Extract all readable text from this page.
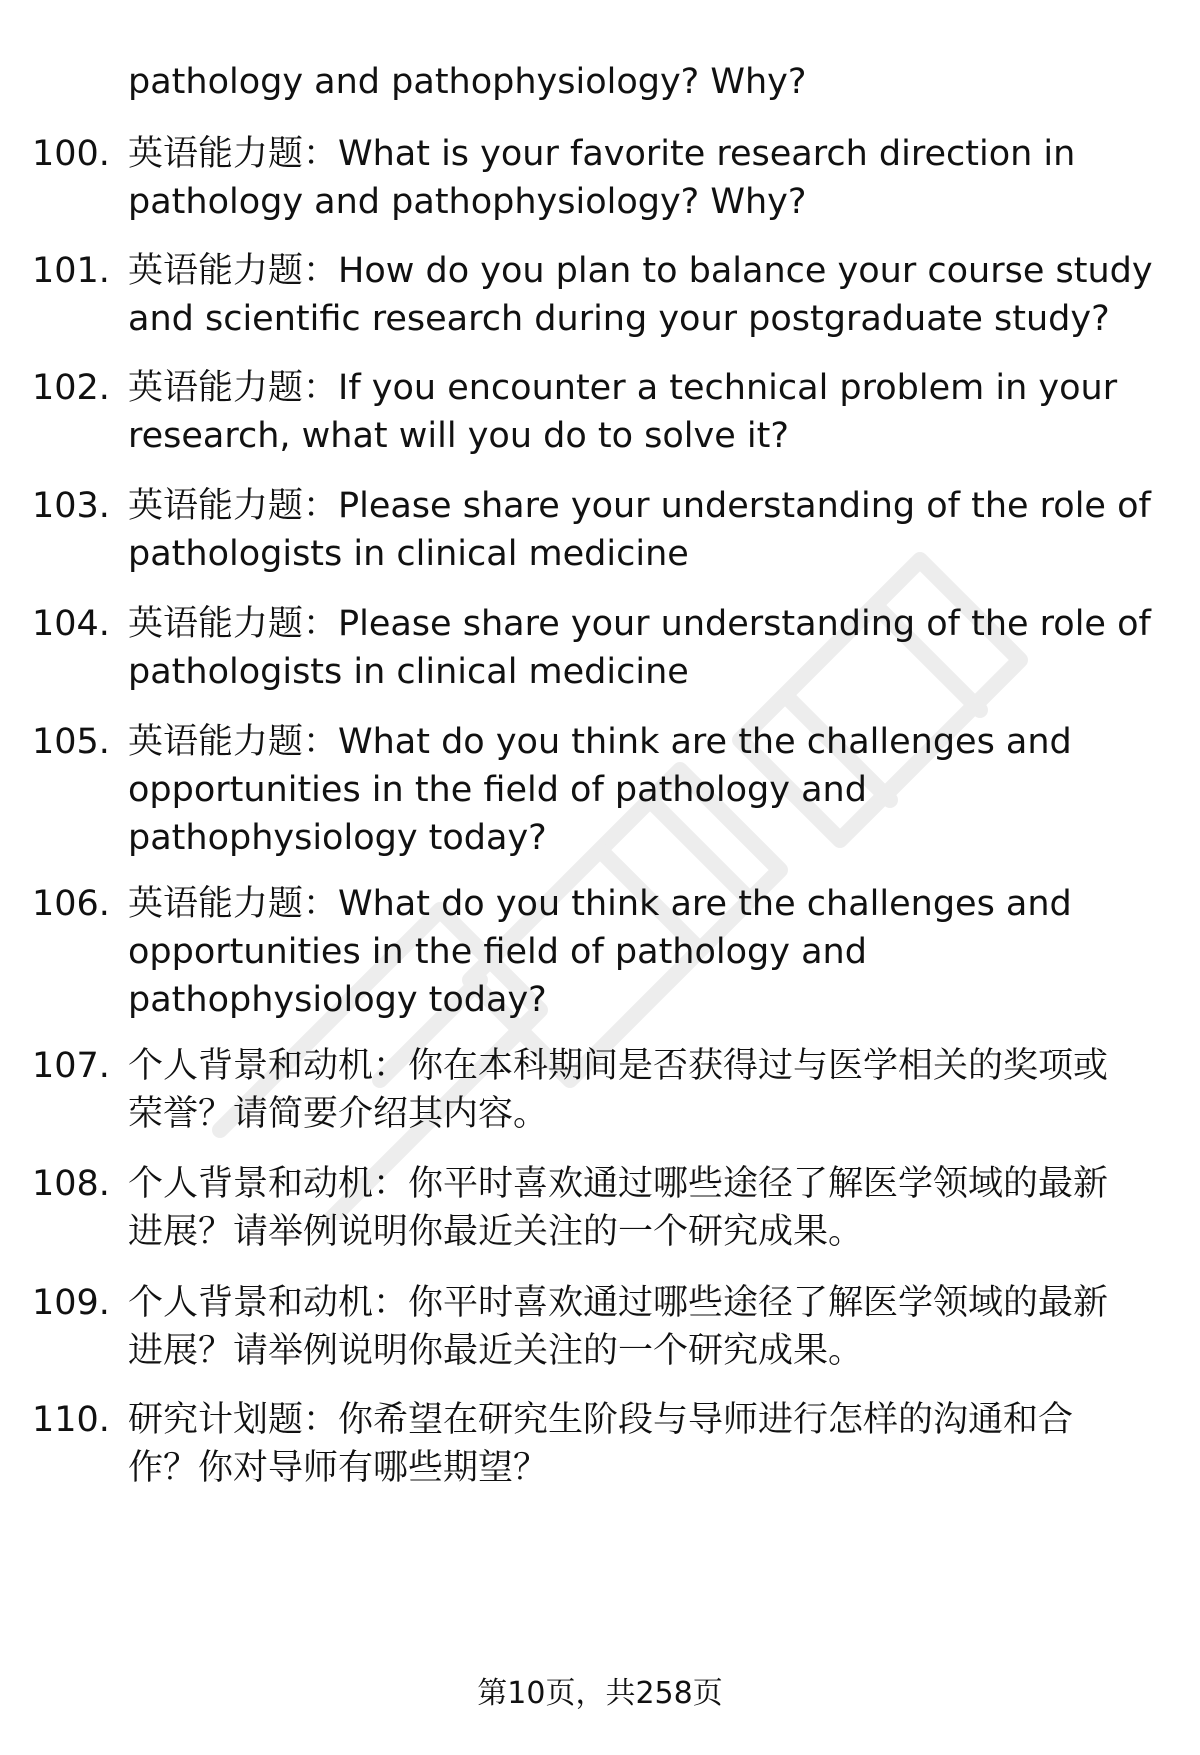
pathology and pathophysiology? Why?
100. 英语能力题：What is your favorite research direction in
pathology and pathophysiology? Why?
101. 英语能力题：How do you plan to balance your course study
and scientific research during your postgraduate study?
102. 英语能力题：If you encounter a technical problem in your
research, what will you do to solve it?
103. 英语能力题：Please share your understanding of the role of
pathologists in clinical medicine
104. 英语能力题：Please share your understanding of the role of
pathologists in clinical medicine
105. 英语能力题：What do you think are the challenges and
opportunities in the field of pathology and
pathophysiology today?
106. 英语能力题：What do you think are the challenges and
opportunities in the field of pathology and
pathophysiology today?
107. 个人背景和动机：你在本科期间是否获得过与医学相关的奖项或
荣誉？请简要介绍其内容。
108. 个人背景和动机：你平时喜欢通过哪些途径了解医学领域的最新
进展？请举例说明你最近关注的一个研究成果。
109. 个人背景和动机：你平时喜欢通过哪些途径了解医学领域的最新
进展？请举例说明你最近关注的一个研究成果。
110. 研究计划题：你希望在研究生阶段与导师进行怎样的沟通和合
作？你对导师有哪些期望？
第10页，共258页
